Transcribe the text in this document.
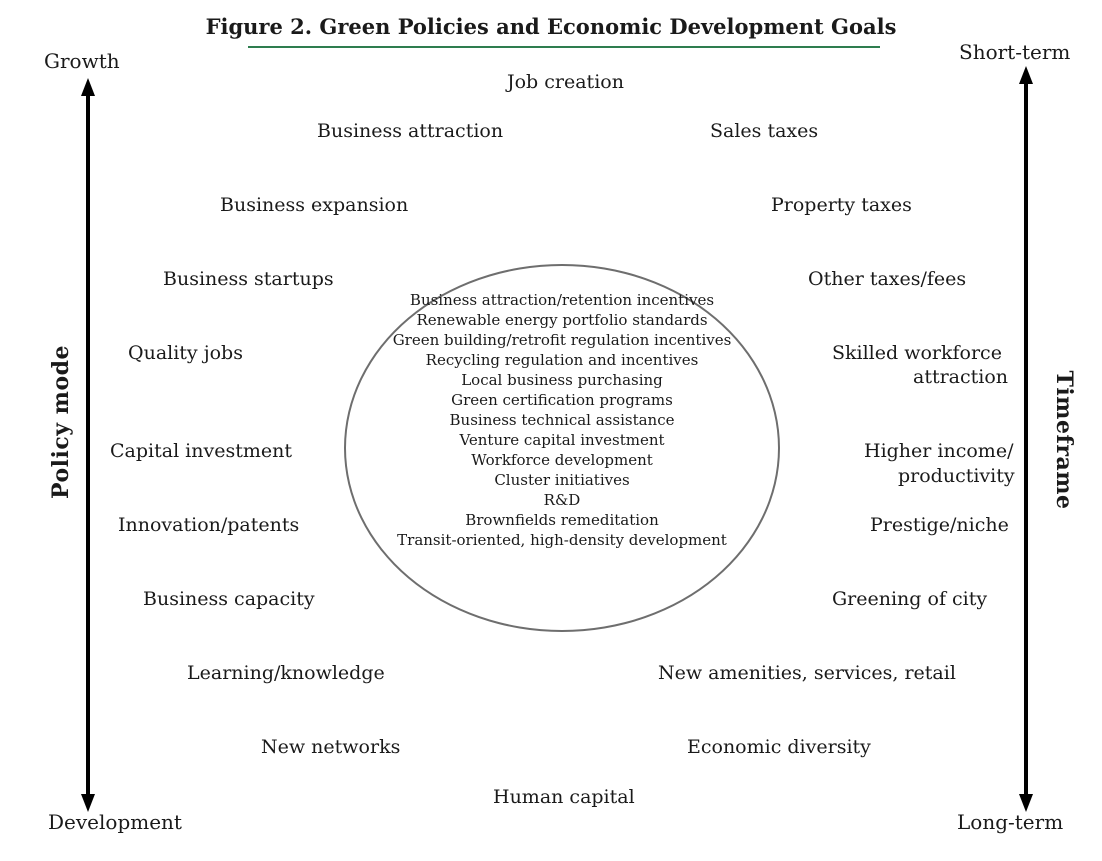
Figure 2. Green Policies and Economic Development Goals
Growth
Development
Short-term
Long-term
Policy mode	Timeframe
Job creation
Human capital
Business attraction
Business expansion
Business startups
Quality jobs
Capital investment
Innovation/patents
Business capacity
Learning/knowledge
New networks
Sales taxes
Property taxes
Other taxes/fees
Skilled workforce
attraction
Higher income/
productivity
Prestige/niche
Greening of city
New amenities, services, retail
Economic diversity
Business attraction/retention incentives
Renewable energy portfolio standards
Green building/retrofit regulation incentives
Recycling regulation and incentives
Local business purchasing
Green certification programs
Business technical assistance
Venture capital investment
Workforce development
Cluster initiatives
R&D
Brownfields remeditation
Transit-oriented, high-density development
